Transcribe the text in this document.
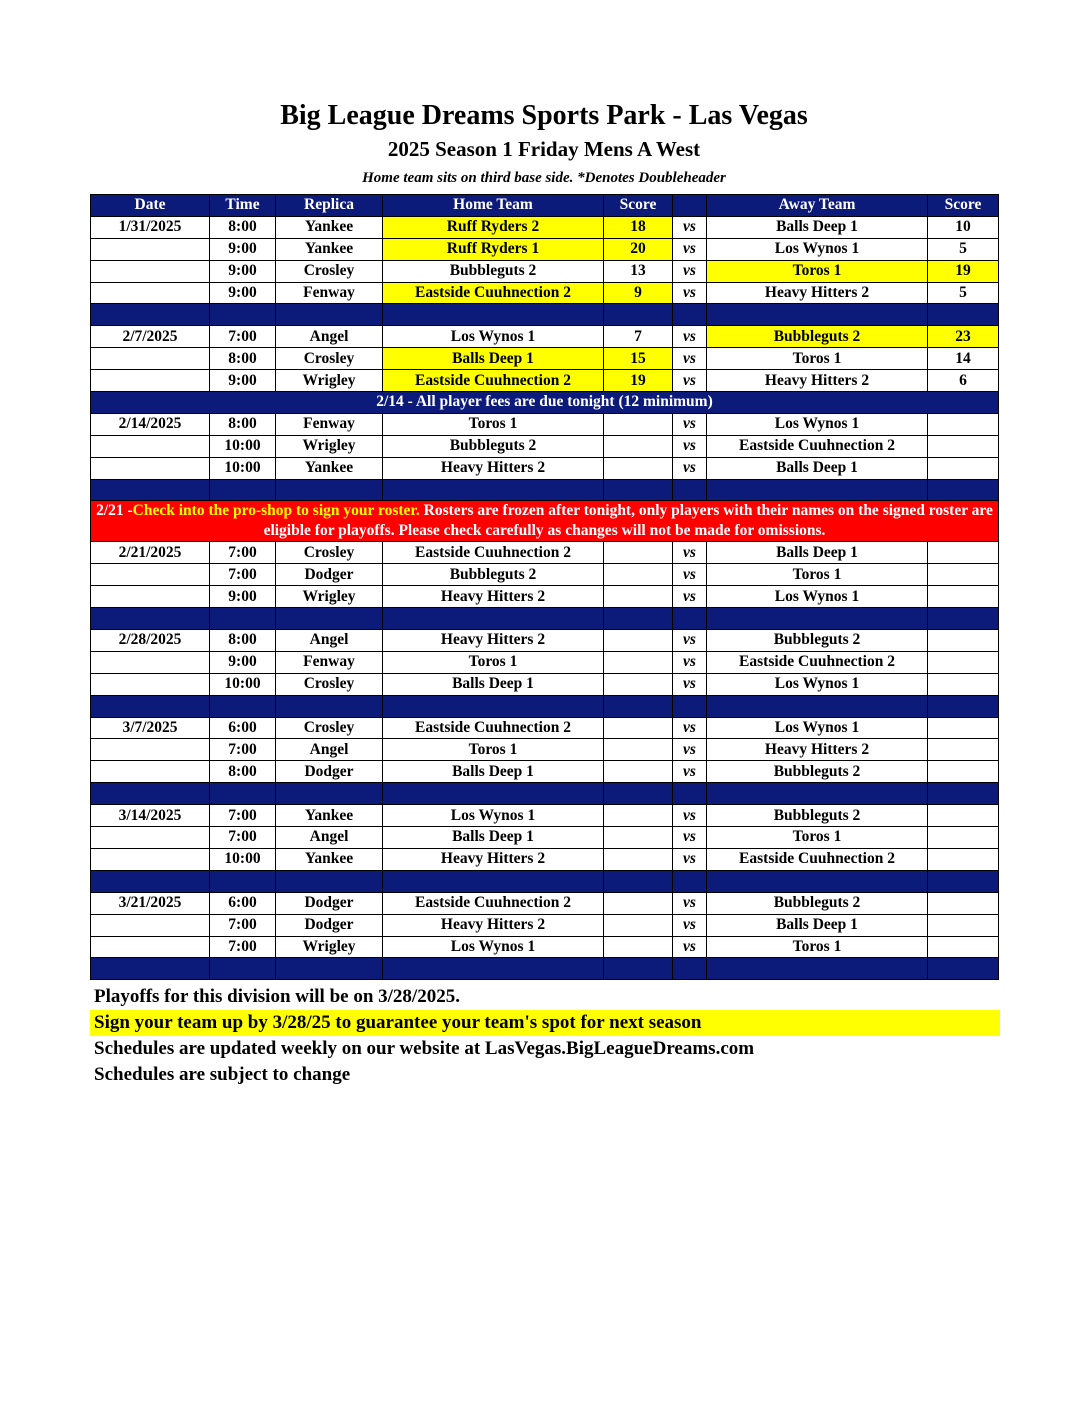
Big League Dreams Sports Park - Las Vegas
2025 Season 1 Friday Mens A West
Home team sits on third base side. *Denotes Doubleheader
Date	Time	Replica	Home Team	Score		Away Team	Score
1/31/2025	8:00	Yankee	Ruff Ryders 2	18	vs	Balls Deep 1	10
	9:00	Yankee	Ruff Ryders 1	20	vs	Los Wynos 1	5
	9:00	Crosley	Bubbleguts 2	13	vs	Toros 1	19
	9:00	Fenway	Eastside Cuuhnection 2	9	vs	Heavy Hitters 2	5

2/7/2025	7:00	Angel	Los Wynos 1	7	vs	Bubbleguts 2	23
	8:00	Crosley	Balls Deep 1	15	vs	Toros 1	14
	9:00	Wrigley	Eastside Cuuhnection 2	19	vs	Heavy Hitters 2	6
2/14 - All player fees are due tonight (12 minimum)							
2/14/2025	8:00	Fenway	Toros 1		vs	Los Wynos 1	
	10:00	Wrigley	Bubbleguts 2		vs	Eastside Cuuhnection 2	
	10:00	Yankee	Heavy Hitters 2		vs	Balls Deep 1	

2/21 -Check into the pro-shop to sign your roster. Rosters are frozen after tonight, only players with their names on the signed roster are eligible for playoffs. Please check carefully as changes will not be made for omissions.							
2/21/2025	7:00	Crosley	Eastside Cuuhnection 2		vs	Balls Deep 1	
	7:00	Dodger	Bubbleguts 2		vs	Toros 1	
	9:00	Wrigley	Heavy Hitters 2		vs	Los Wynos 1	

2/28/2025	8:00	Angel	Heavy Hitters 2		vs	Bubbleguts 2	
	9:00	Fenway	Toros 1		vs	Eastside Cuuhnection 2	
	10:00	Crosley	Balls Deep 1		vs	Los Wynos 1	

3/7/2025	6:00	Crosley	Eastside Cuuhnection 2		vs	Los Wynos 1	
	7:00	Angel	Toros 1		vs	Heavy Hitters 2	
	8:00	Dodger	Balls Deep 1		vs	Bubbleguts 2	

3/14/2025	7:00	Yankee	Los Wynos 1		vs	Bubbleguts 2	
	7:00	Angel	Balls Deep 1		vs	Toros 1	
	10:00	Yankee	Heavy Hitters 2		vs	Eastside Cuuhnection 2	

3/21/2025	6:00	Dodger	Eastside Cuuhnection 2		vs	Bubbleguts 2	
	7:00	Dodger	Heavy Hitters 2		vs	Balls Deep 1	
	7:00	Wrigley	Los Wynos 1		vs	Toros 1	

Playoffs for this division will be on 3/28/2025.
Sign your team up by 3/28/25 to guarantee your team's spot for next season
Schedules are updated weekly on our website at LasVegas.BigLeagueDreams.com
Schedules are subject to change
